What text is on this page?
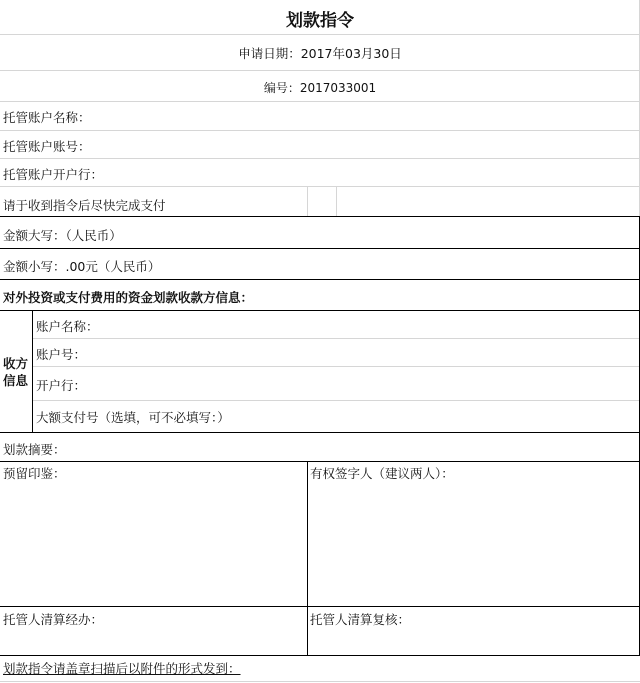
划款指令
申请日期：2017年03月30日
编号：2017033001
托管账户名称：
托管账户账号：
托管账户开户行：
请于收到指令后尽快完成支付
金额大写：（人民币）
金额小写：.00元（人民币）
对外投资或支付费用的资金划款收款方信息：
收方信息
账户名称：
账户号：
开户行：
大额支付号（选填，可不必填写：）
划款摘要：
预留印鉴：	有权签字人（建议两人）：
托管人清算经办：	托管人清算复核：
划款指令请盖章扫描后以附件的形式发到：
